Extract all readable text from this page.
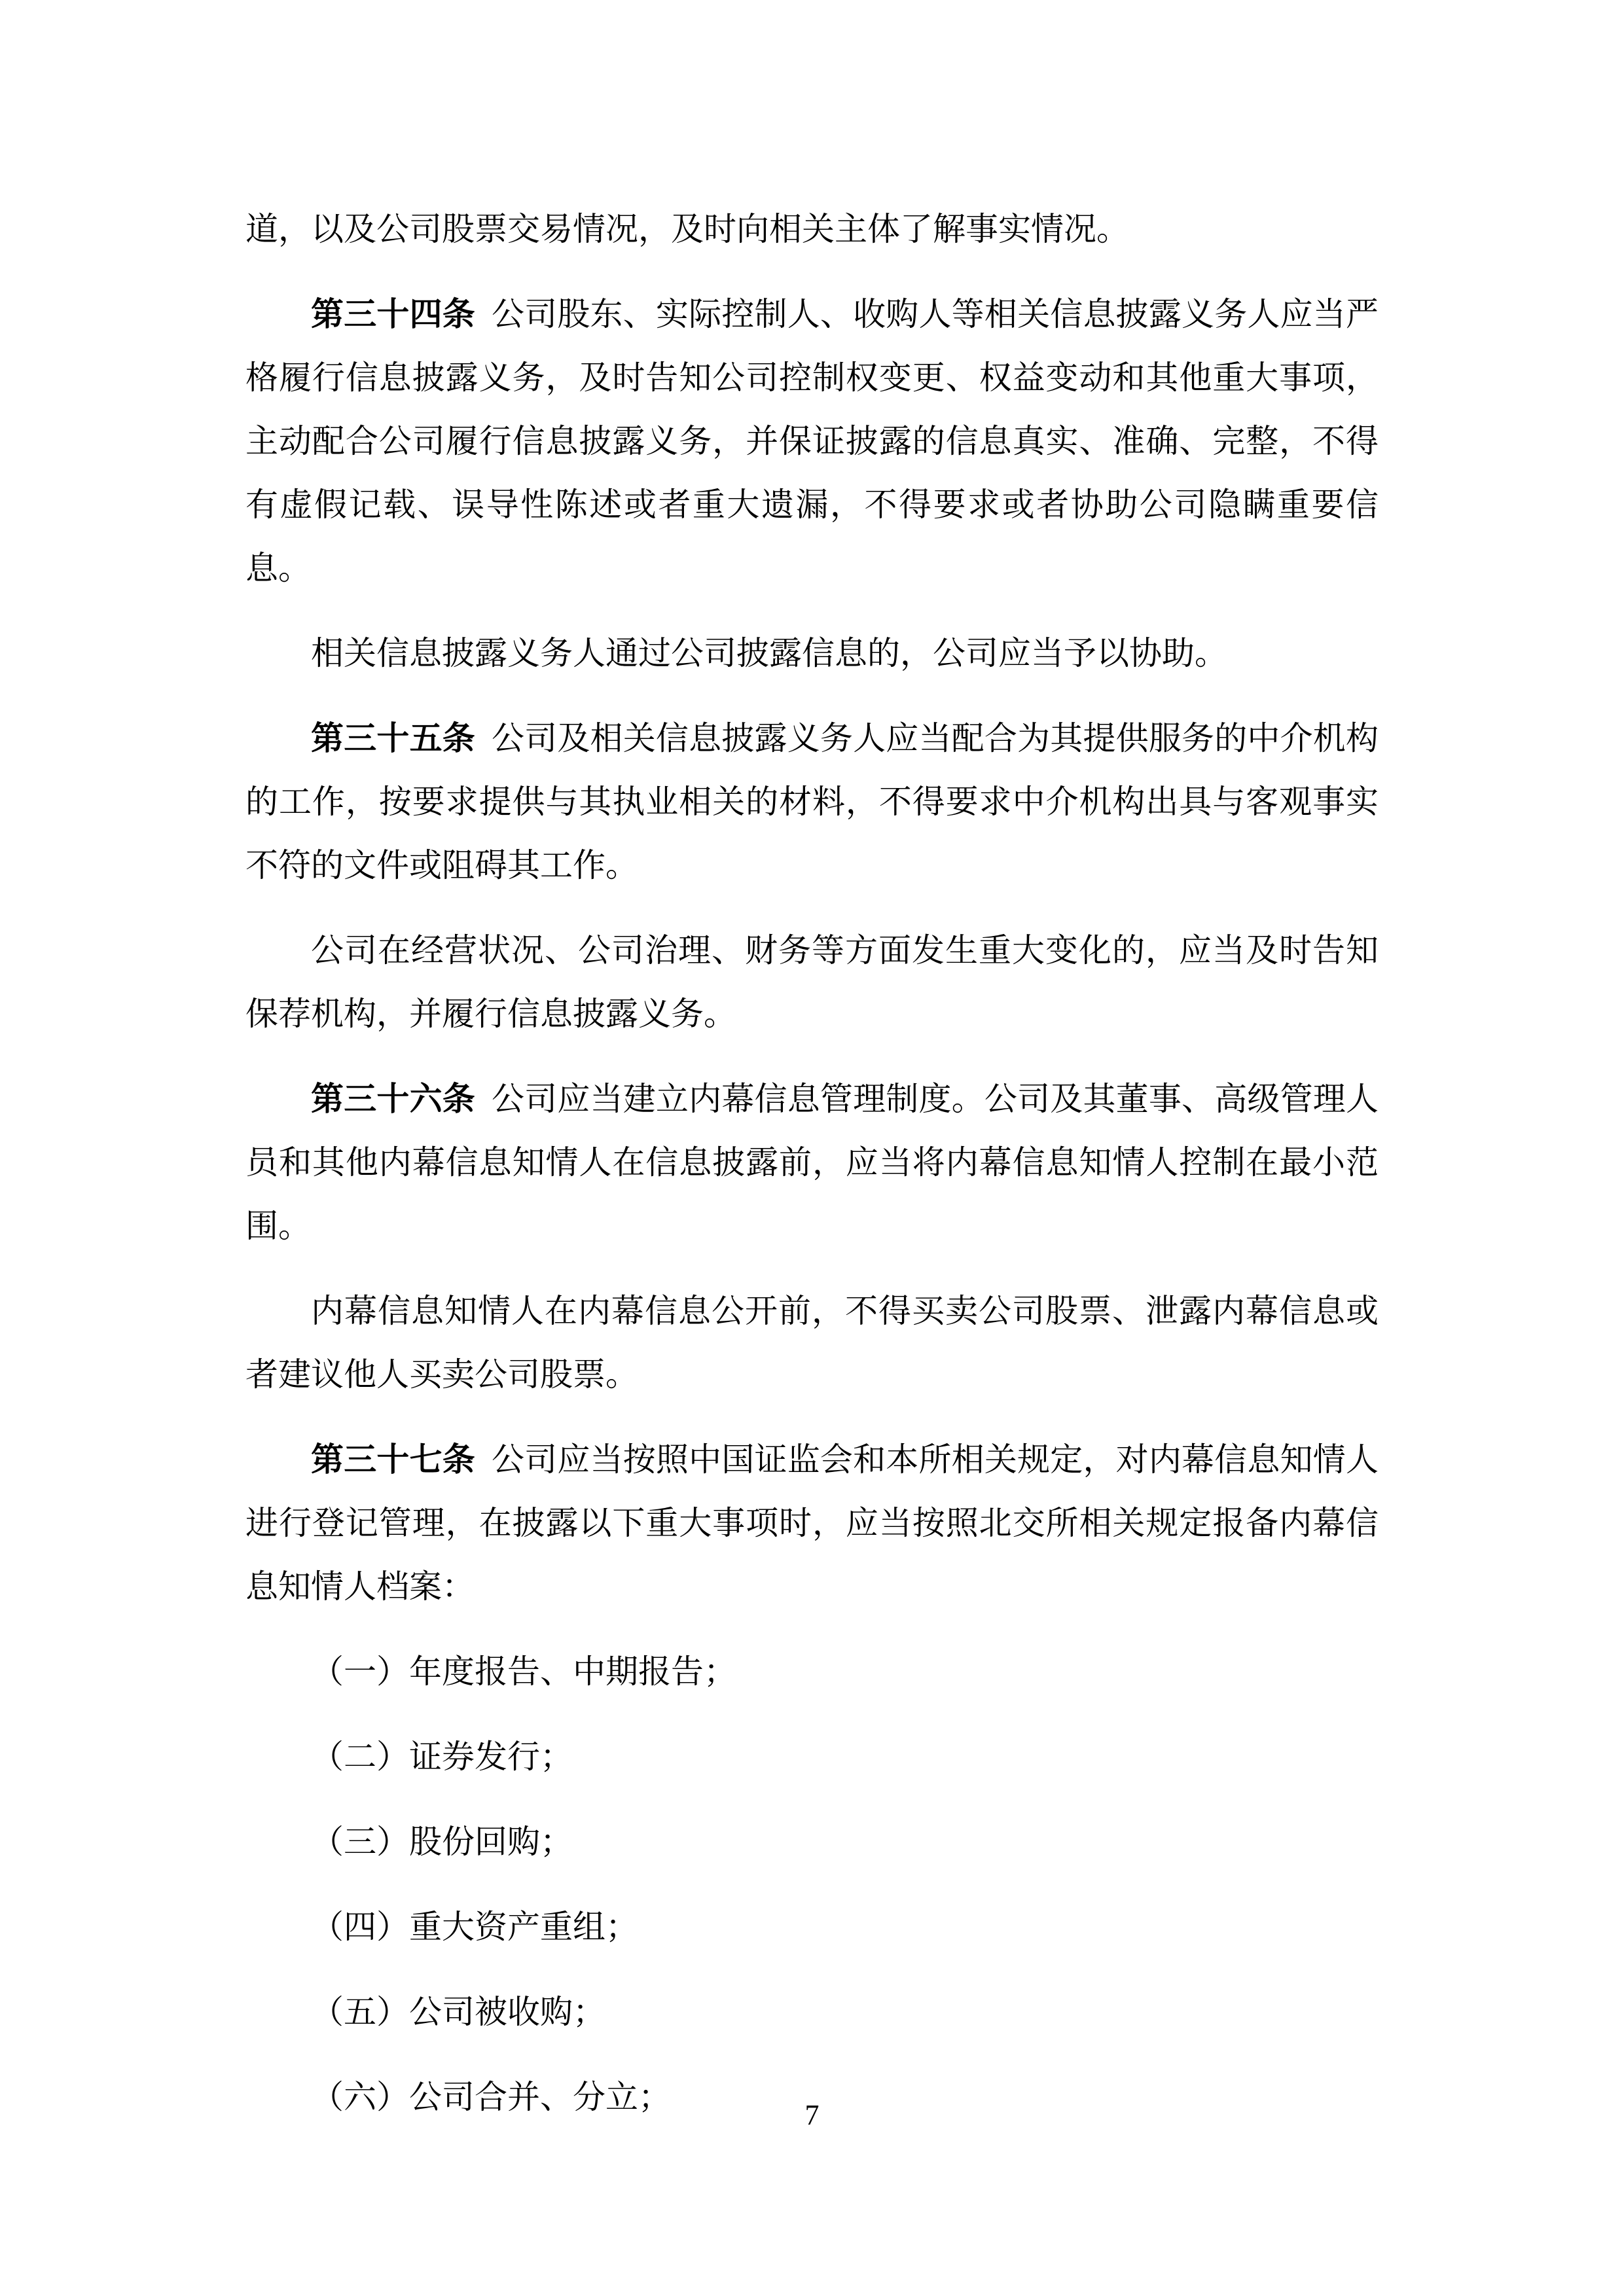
道，以及公司股票交易情况，及时向相关主体了解事实情况。

第三十四条 公司股东、实际控制人、收购人等相关信息披露义务人应当严格履行信息披露义务，及时告知公司控制权变更、权益变动和其他重大事项，主动配合公司履行信息披露义务，并保证披露的信息真实、准确、完整，不得有虚假记载、误导性陈述或者重大遗漏，不得要求或者协助公司隐瞒重要信息。

相关信息披露义务人通过公司披露信息的，公司应当予以协助。

第三十五条 公司及相关信息披露义务人应当配合为其提供服务的中介机构的工作，按要求提供与其执业相关的材料，不得要求中介机构出具与客观事实不符的文件或阻碍其工作。

公司在经营状况、公司治理、财务等方面发生重大变化的，应当及时告知保荐机构，并履行信息披露义务。

第三十六条 公司应当建立内幕信息管理制度。公司及其董事、高级管理人员和其他内幕信息知情人在信息披露前，应当将内幕信息知情人控制在最小范围。

内幕信息知情人在内幕信息公开前，不得买卖公司股票、泄露内幕信息或者建议他人买卖公司股票。

第三十七条 公司应当按照中国证监会和本所相关规定，对内幕信息知情人进行登记管理，在披露以下重大事项时，应当按照北交所相关规定报备内幕信息知情人档案：

（一）年度报告、中期报告；

（二）证券发行；

（三）股份回购；

（四）重大资产重组；

（五）公司被收购；

（六）公司合并、分立；	7
